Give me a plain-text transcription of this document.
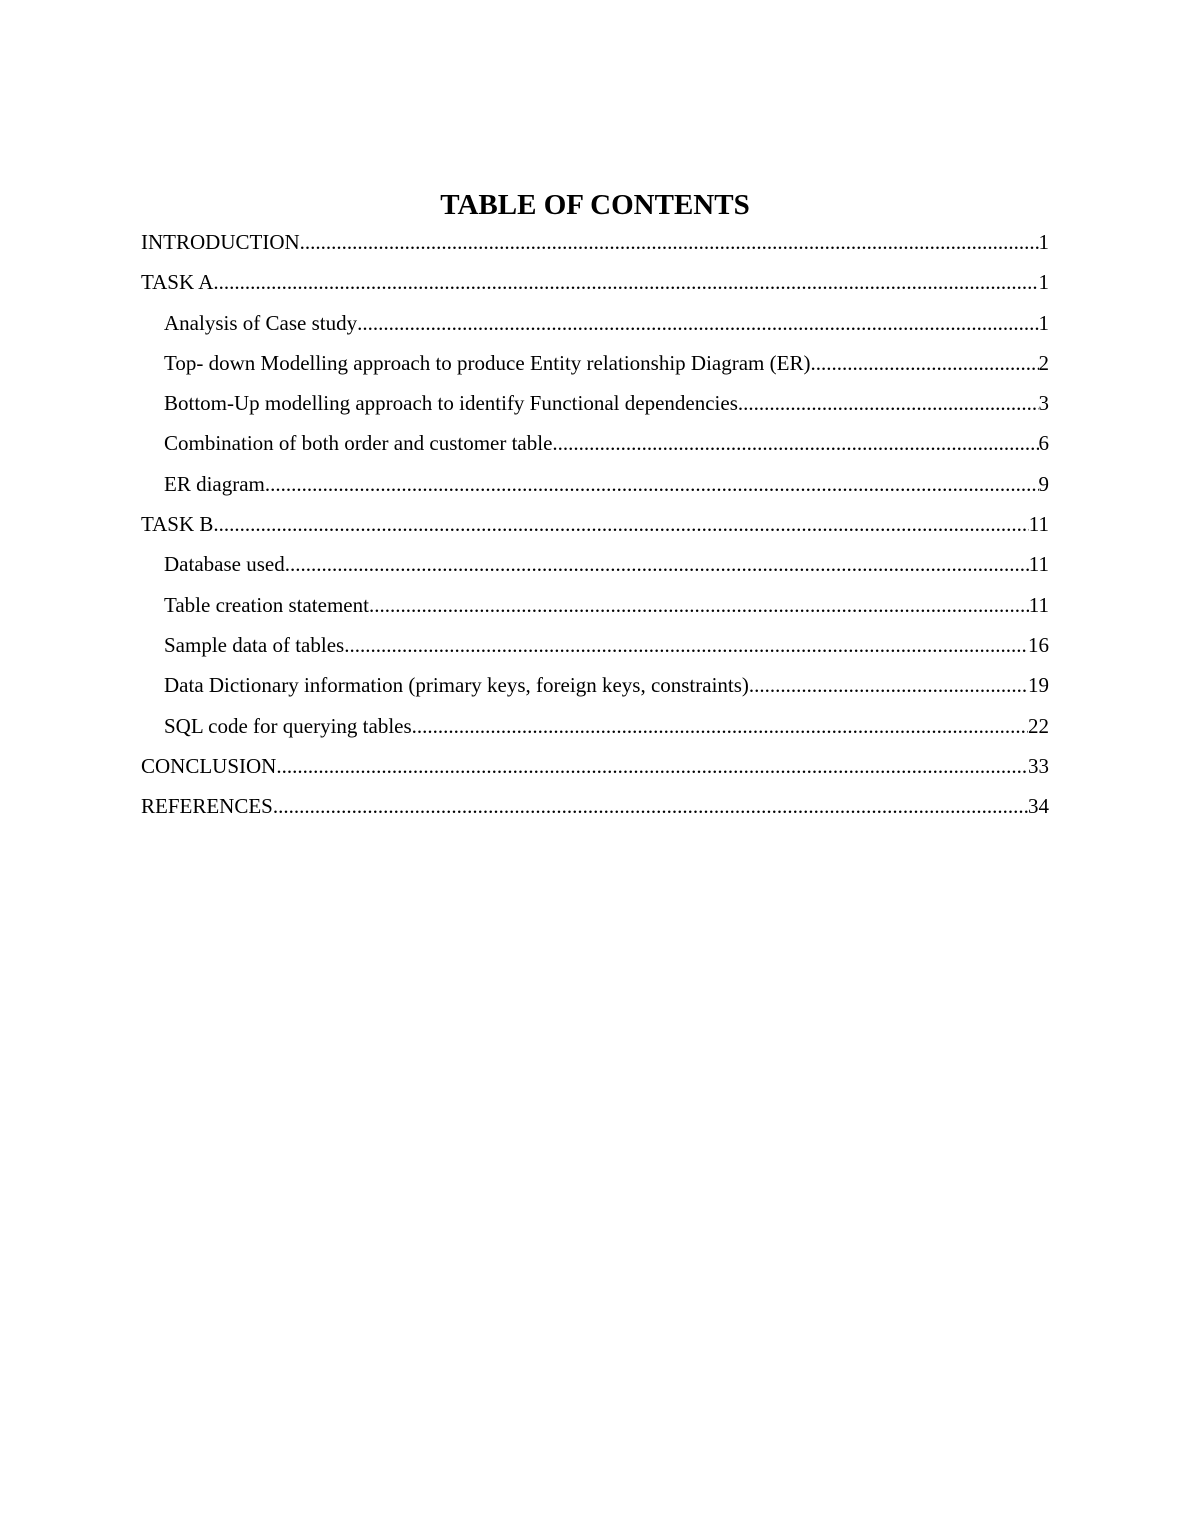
TABLE OF CONTENTS
INTRODUCTION .....	1
TASK A .....	1
Analysis of Case study .....	1
Top- down Modelling approach to produce Entity relationship Diagram (ER) .....	2
Bottom-Up modelling approach to identify Functional dependencies .....	3
Combination of both order and customer table .....	6
ER diagram .....	9
TASK B .....	11
Database used .....	11
Table creation statement .....	11
Sample data of tables .....	16
Data Dictionary information (primary keys, foreign keys, constraints) .....	19
SQL code for querying tables .....	22
CONCLUSION .....	33
REFERENCES .....	34
